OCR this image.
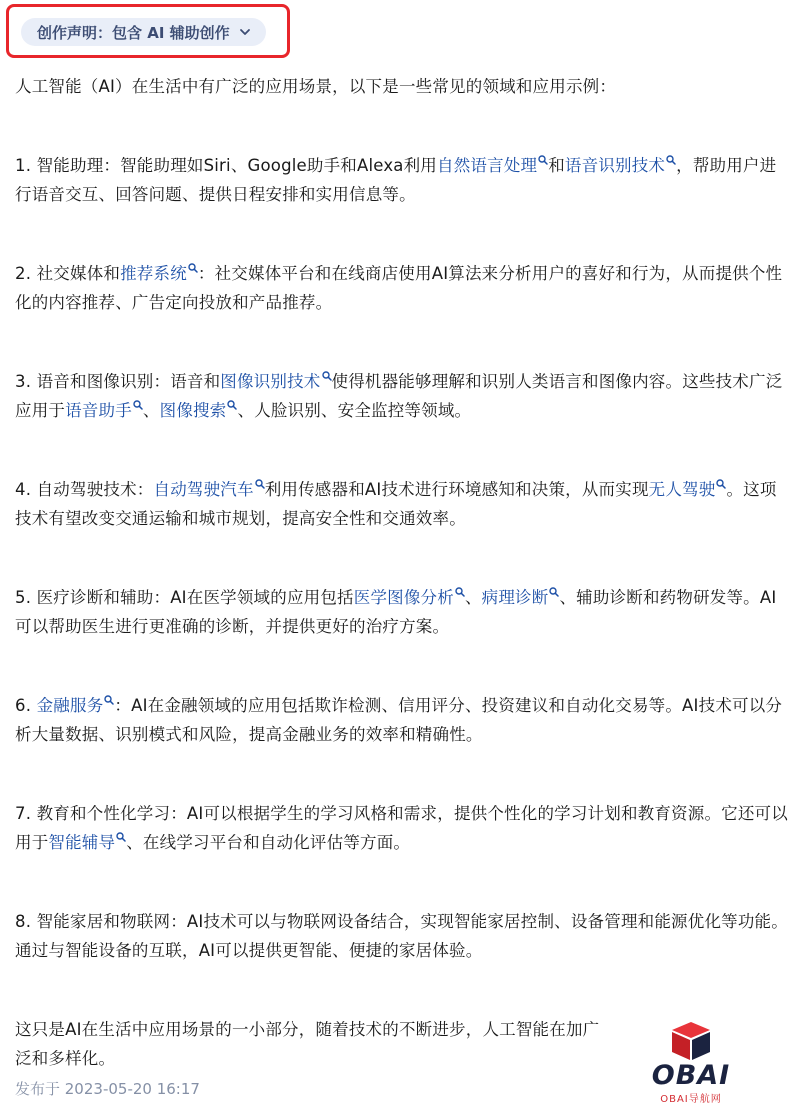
创作声明：包含 AI 辅助创作

人工智能（AI）在生活中有广泛的应用场景，以下是一些常见的领域和应用示例：

1. 智能助理：智能助理如Siri、Google助手和Alexa利用自然语言处理 和语音识别技术 ，帮助用户进行语音交互、回答问题、提供日程安排和实用信息等。

2. 社交媒体和推荐系统 ：社交媒体平台和在线商店使用AI算法来分析用户的喜好和行为，从而提供个性化的内容推荐、广告定向投放和产品推荐。

3. 语音和图像识别：语音和图像识别技术 使得机器能够理解和识别人类语言和图像内容。这些技术广泛应用于语音助手 、图像搜索 、人脸识别、安全监控等领域。

4. 自动驾驶技术：自动驾驶汽车 利用传感器和AI技术进行环境感知和决策，从而实现无人驾驶 。这项技术有望改变交通运输和城市规划，提高安全性和交通效率。

5. 医疗诊断和辅助：AI在医学领域的应用包括医学图像分析 、病理诊断 、辅助诊断和药物研发等。AI可以帮助医生进行更准确的诊断，并提供更好的治疗方案。

6. 金融服务 ：AI在金融领域的应用包括欺诈检测、信用评分、投资建议和自动化交易等。AI技术可以分析大量数据、识别模式和风险，提高金融业务的效率和精确性。

7. 教育和个性化学习：AI可以根据学生的学习风格和需求，提供个性化的学习计划和教育资源。它还可以用于智能辅导 、在线学习平台和自动化评估等方面。

8. 智能家居和物联网：AI技术可以与物联网设备结合，实现智能家居控制、设备管理和能源优化等功能。通过与智能设备的互联，AI可以提供更智能、便捷的家居体验。

这只是AI在生活中应用场景的一小部分，随着技术的不断进步，人工智能在加广泛和多样化。

发布于 2023-05-20 16:17	OBAI
OBAI导航网
